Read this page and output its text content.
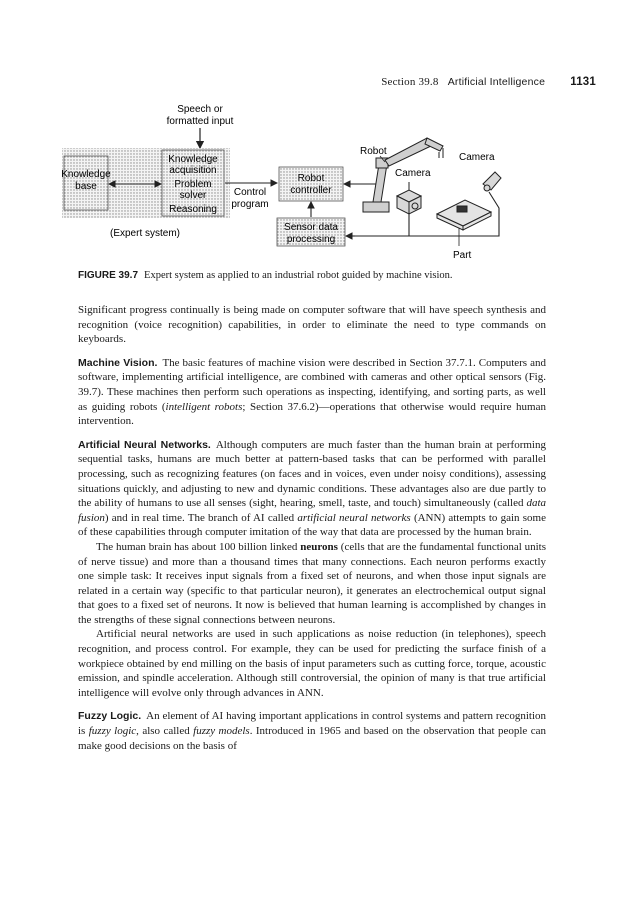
Section 39.8 Artificial Intelligence 1131
Speech or
formatted input
Knowledge
base
Knowledge
acquisition
Problem
solver
Reasoning
(Expert system)
Control
program
Robot
controller
Sensor data
processing
Robot
Camera
Camera
Part
FIGURE 39.7 Expert system as applied to an industrial robot guided by machine vision.

Significant progress continually is being made on computer software that will have speech synthesis and recognition (voice recognition) capabilities, in order to eliminate the need to type commands on keyboards.

Machine Vision. The basic features of machine vision were described in Section 37.7.1. Computers and software, implementing artificial intelligence, are combined with cameras and other optical sensors (Fig. 39.7). These machines then perform such operations as inspecting, identifying, and sorting parts, as well as guiding robots (intelligent robots; Section 37.6.2)—operations that otherwise would require human intervention.

Artificial Neural Networks. Although computers are much faster than the human brain at performing sequential tasks, humans are much better at pattern-based tasks that can be performed with parallel processing, such as recognizing features (on faces and in voices, even under noisy conditions), assessing situations quickly, and adjusting to new and dynamic conditions. These advantages also are due partly to the ability of humans to use all senses (sight, hearing, smell, taste, and touch) simultaneously (called data fusion) and in real time. The branch of AI called artificial neural networks (ANN) attempts to gain some of these capabilities through computer imitation of the way that data are processed by the human brain.

The human brain has about 100 billion linked neurons (cells that are the fundamental functional units of nerve tissue) and more than a thousand times that many connections. Each neuron performs exactly one simple task: It receives input signals from a fixed set of neurons, and when those input signals are related in a certain way (specific to that particular neuron), it generates an electrochemical output signal that goes to a fixed set of neurons. It now is believed that human learning is accomplished by changes in the strengths of these signal connections between neurons.

Artificial neural networks are used in such applications as noise reduction (in telephones), speech recognition, and process control. For example, they can be used for predicting the surface finish of a workpiece obtained by end milling on the basis of input parameters such as cutting force, torque, acoustic emission, and spindle acceleration. Although still controversial, the opinion of many is that true artificial intelligence will evolve only through advances in ANN.

Fuzzy Logic. An element of AI having important applications in control systems and pattern recognition is fuzzy logic, also called fuzzy models. Introduced in 1965 and based on the observation that people can make good decisions on the basis of
